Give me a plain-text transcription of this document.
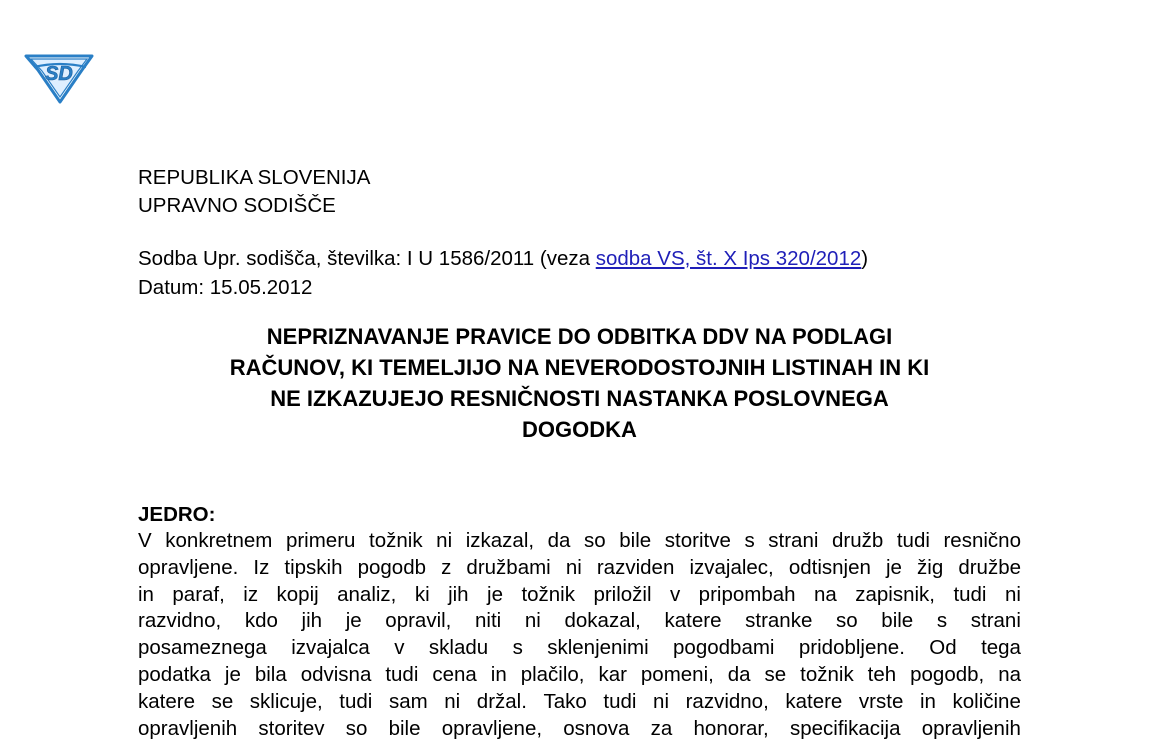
SD
REPUBLIKA SLOVENIJA
UPRAVNO SODIŠČE
Sodba Upr. sodišča, številka: I U 1586/2011 (veza sodba VS, št. X Ips 320/2012)
Datum: 15.05.2012
NEPRIZNAVANJE PRAVICE DO ODBITKA DDV NA PODLAGI
RAČUNOV, KI TEMELJIJO NA NEVERODOSTOJNIH LISTINAH IN KI
NE IZKAZUJEJO RESNIČNOSTI NASTANKA POSLOVNEGA
DOGODKA
JEDRO:
V konkretnem primeru tožnik ni izkazal, da so bile storitve s strani družb tudi resnično
opravljene. Iz tipskih pogodb z družbami ni razviden izvajalec, odtisnjen je žig družbe
in paraf, iz kopij analiz, ki jih je tožnik priložil v pripombah na zapisnik, tudi ni
razvidno, kdo jih je opravil, niti ni dokazal, katere stranke so bile s strani
posameznega izvajalca v skladu s sklenjenimi pogodbami pridobljene. Od tega
podatka je bila odvisna tudi cena in plačilo, kar pomeni, da se tožnik teh pogodb, na
katere se sklicuje, tudi sam ni držal. Tako tudi ni razvidno, katere vrste in količine
opravljenih storitev so bile opravljene, osnova za honorar, specifikacija opravljenih
